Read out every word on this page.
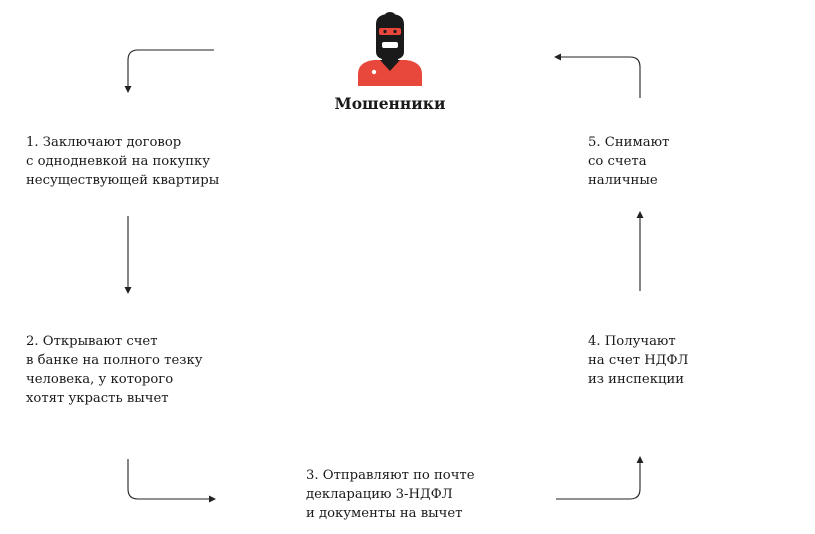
Мошенники
1. Заключают договор
с однодневкой на покупку
несуществующей квартиры
2. Открывают счет
в банке на полного тезку
человека, у которого
хотят украсть вычет
3. Отправляют по почте
декларацию 3-НДФЛ
и документы на вычет
4. Получают
на счет НДФЛ
из инспекции
5. Снимают
со счета
наличные
